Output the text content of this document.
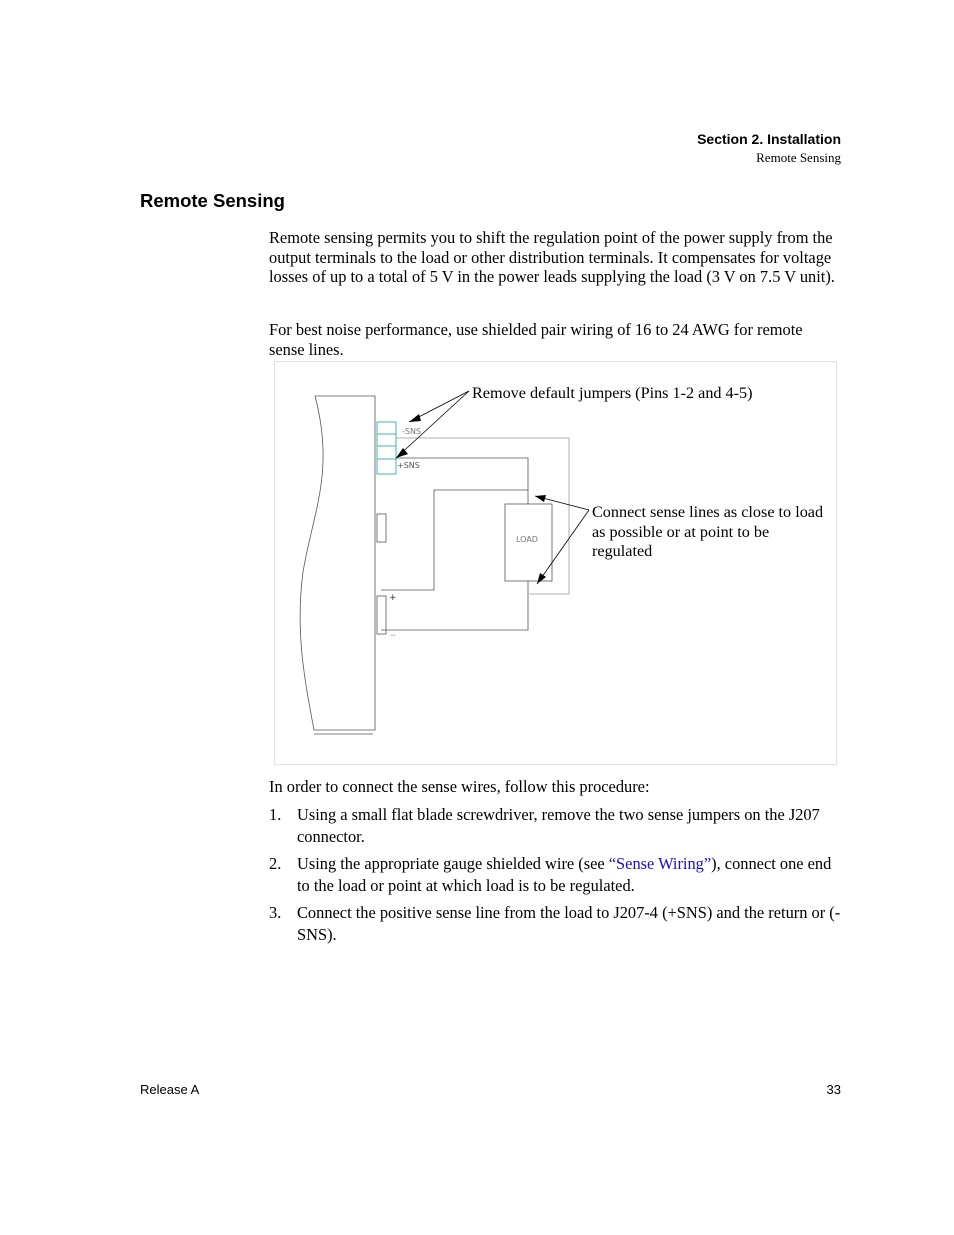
Section 2. Installation
Remote Sensing
Remote Sensing

Remote sensing permits you to shift the regulation point of the power supply from the output terminals to the load or other distribution terminals. It compensates for voltage losses of up to a total of 5 V in the power leads supplying the load (3 V on 7.5 V unit).

For best noise performance, use shielded pair wiring of 16 to 24 AWG for remote sense lines.

-SNS
+SNS
+
−
LOAD
Remove default jumpers (Pins 1-2 and 4-5)
Connect sense lines as close to load as possible or at point to be regulated

In order to connect the sense wires, follow this procedure:

1. Using a small flat blade screwdriver, remove the two sense jumpers on the J207 connector.
2. Using the appropriate gauge shielded wire (see “Sense Wiring”), connect one end to the load or point at which load is to be regulated.
3. Connect the positive sense line from the load to J207-4 (+SNS) and the return or (-SNS).
Release A	33
